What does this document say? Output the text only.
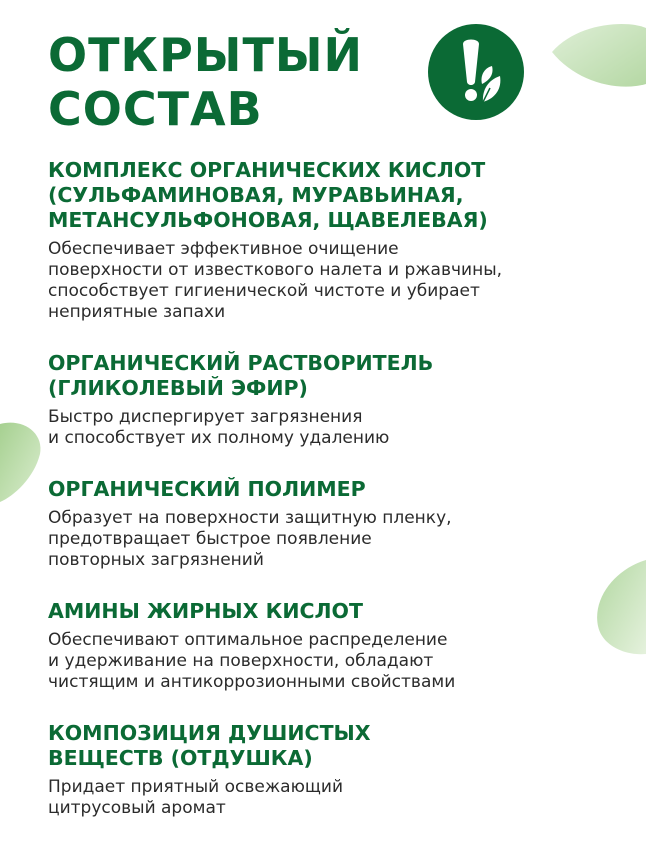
ОТКРЫТЫЙ
СОСТАВ
КОМПЛЕКС ОРГАНИЧЕСКИХ КИСЛОТ
(СУЛЬФАМИНОВАЯ, МУРАВЬИНАЯ,
МЕТАНСУЛЬФОНОВАЯ, ЩАВЕЛЕВАЯ)

Обеспечивает эффективное очищение
поверхности от известкового налета и ржавчины,
способствует гигиенической чистоте и убирает
неприятные запахи

ОРГАНИЧЕСКИЙ РАСТВОРИТЕЛЬ
(ГЛИКОЛЕВЫЙ ЭФИР)

Быстро диспергирует загрязнения
и способствует их полному удалению

ОРГАНИЧЕСКИЙ ПОЛИМЕР

Образует на поверхности защитную пленку,
предотвращает быстрое появление
повторных загрязнений

АМИНЫ ЖИРНЫХ КИСЛОТ

Обеспечивают оптимальное распределение
и удерживание на поверхности, обладают
чистящим и антикоррозионными свойствами

КОМПОЗИЦИЯ ДУШИСТЫХ
ВЕЩЕСТВ (ОТДУШКА)

Придает приятный освежающий
цитрусовый аромат
